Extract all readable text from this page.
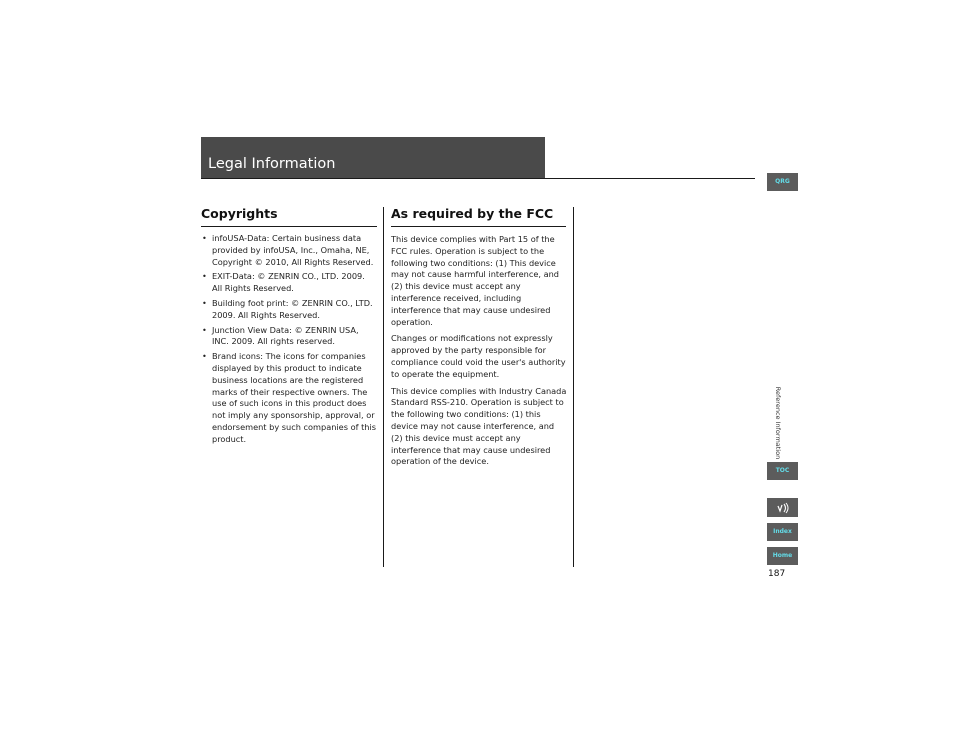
Legal Information
Copyrights
• infoUSA-Data: Certain business data provided by infoUSA, Inc., Omaha, NE, Copyright © 2010, All Rights Reserved.
• EXIT-Data: © ZENRIN CO., LTD. 2009. All Rights Reserved.
• Building foot print: © ZENRIN CO., LTD. 2009. All Rights Reserved.
• Junction View Data: © ZENRIN USA, INC. 2009. All rights reserved.
• Brand icons: The icons for companies displayed by this product to indicate business locations are the registered marks of their respective owners. The use of such icons in this product does not imply any sponsorship, approval, or endorsement by such companies of this product.
As required by the FCC

This device complies with Part 15 of the FCC rules. Operation is subject to the following two conditions: (1) This device may not cause harmful interference, and (2) this device must accept any interference received, including interference that may cause undesired operation.

Changes or modifications not expressly approved by the party responsible for compliance could void the user's authority to operate the equipment.

This device complies with Industry Canada Standard RSS-210. Operation is subject to the following two conditions: (1) this device may not cause interference, and (2) this device must accept any interference that may cause undesired operation of the device.

QRG
Reference Information
TOC
Index
Home
187
